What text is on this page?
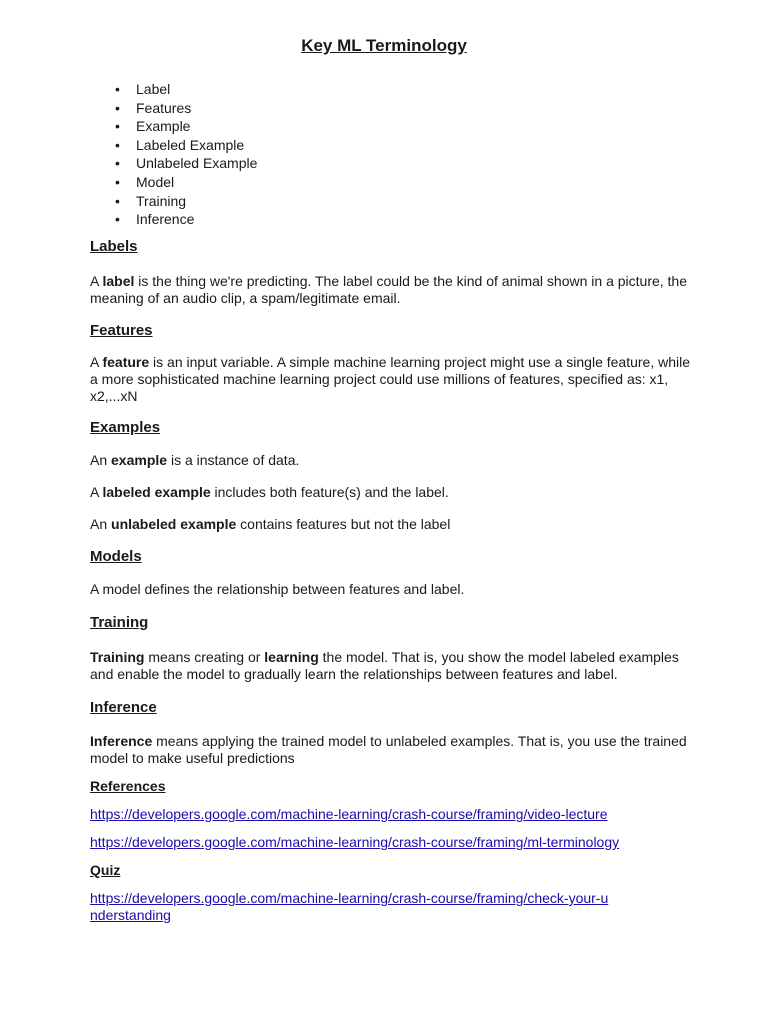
Key ML Terminology
• Label
• Features
• Example
• Labeled Example
• Unlabeled Example
• Model
• Training
• Inference
Labels

A label is the thing we're predicting. The label could be the kind of animal shown in a picture, the meaning of an audio clip, a spam/legitimate email.

Features

A feature is an input variable. A simple machine learning project might use a single feature, while a more sophisticated machine learning project could use millions of features, specified as: x1, x2,...xN

Examples

An example is a instance of data.

A labeled example includes both feature(s) and the label.

An unlabeled example contains features but not the label

Models

A model defines the relationship between features and label.

Training

Training means creating or learning the model. That is, you show the model labeled examples and enable the model to gradually learn the relationships between features and label.

Inference

Inference means applying the trained model to unlabeled examples. That is, you use the trained model to make useful predictions

References
https://developers.google.com/machine-learning/crash-course/framing/video-lecture
https://developers.google.com/machine-learning/crash-course/framing/ml-terminology
Quiz
https://developers.google.com/machine-learning/crash-course/framing/check-your-understanding
